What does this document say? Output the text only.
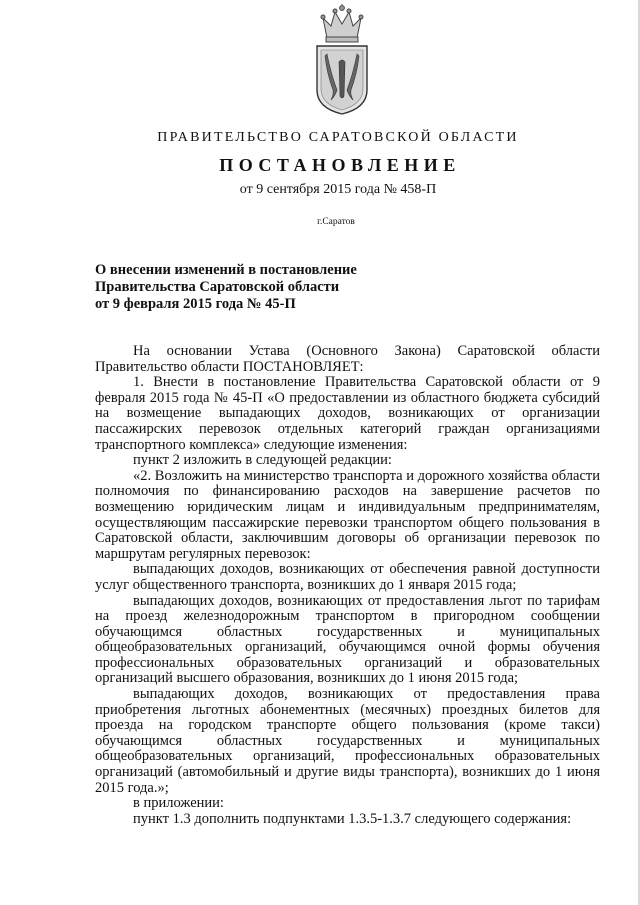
ПРАВИТЕЛЬСТВО САРАТОВСКОЙ ОБЛАСТИ
ПОСТАНОВЛЕНИЕ
от 9 сентября 2015 года № 458-П
г.Саратов
О внесении изменений в постановление
Правительства Саратовской области
от 9 февраля 2015 года № 45-П

На основании Устава (Основного Закона) Саратовской области Правительство области ПОСТАНОВЛЯЕТ:

1. Внести в постановление Правительства Саратовской области от 9 февраля 2015 года № 45-П «О предоставлении из областного бюджета субсидий на возмещение выпадающих доходов, возникающих от организации пассажирских перевозок отдельных категорий граждан организациями транспортного комплекса» следующие изменения:

пункт 2 изложить в следующей редакции:

«2. Возложить на министерство транспорта и дорожного хозяйства области полномочия по финансированию расходов на завершение расчетов по возмещению юридическим лицам и индивидуальным предпринимателям, осуществляющим пассажирские перевозки транспортом общего пользования в Саратовской области, заключившим договоры об организации перевозок по маршрутам регулярных перевозок:

выпадающих доходов, возникающих от обеспечения равной доступности услуг общественного транспорта, возникших до 1 января 2015 года;

выпадающих доходов, возникающих от предоставления льгот по тарифам на проезд железнодорожным транспортом в пригородном сообщении обучающимся областных государственных и муниципальных общеобразовательных организаций, обучающимся очной формы обучения профессиональных образовательных организаций и образовательных организаций высшего образования, возникших до 1 июня 2015 года;

выпадающих доходов, возникающих от предоставления права приобретения льготных абонементных (месячных) проездных билетов для проезда на городском транспорте общего пользования (кроме такси) обучающимся областных государственных и муниципальных общеобразовательных организаций, профессиональных образовательных организаций (автомобильный и другие виды транспорта), возникших до 1 июня 2015 года.»;

в приложении:

пункт 1.3 дополнить подпунктами 1.3.5-1.3.7 следующего содержания:
